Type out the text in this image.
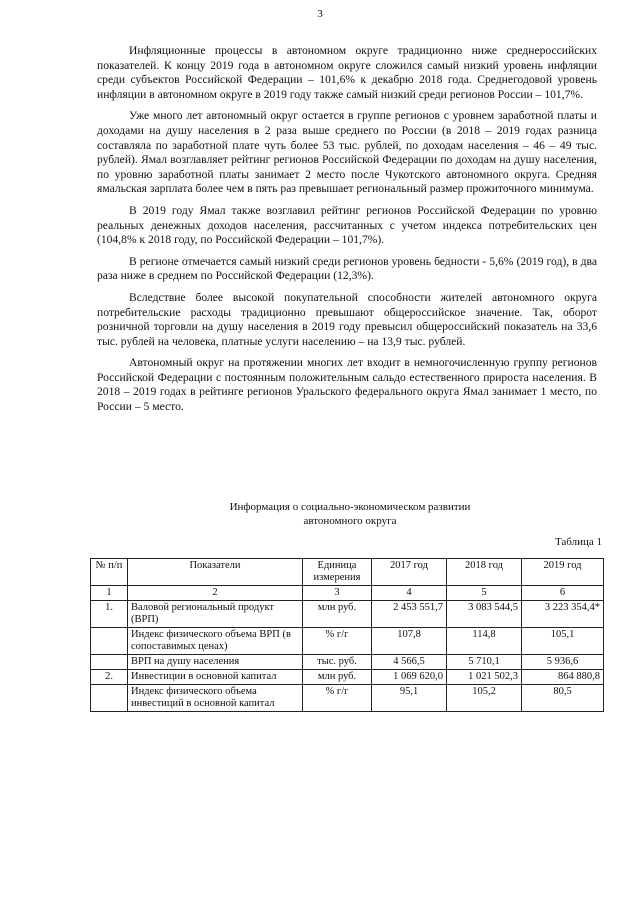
3

Инфляционные процессы в автономном округе традиционно ниже среднероссийских показателей. К концу 2019 года в автономном округе сложился самый низкий уровень инфляции среди субъектов Российской Федерации – 101,6% к декабрю 2018 года. Среднегодовой уровень инфляции в автономном округе в 2019 году также самый низкий среди регионов России – 101,7%.

Уже много лет автономный округ остается в группе регионов с уровнем заработной платы и доходами на душу населения в 2 раза выше среднего по России (в 2018 – 2019 годах разница составляла по заработной плате чуть более 53 тыс. рублей, по доходам населения – 46 – 49 тыс. рублей). Ямал возглавляет рейтинг регионов Российской Федерации по доходам на душу населения, по уровню заработной платы занимает 2 место после Чукотского автономного округа. Средняя ямальская зарплата более чем в пять раз превышает региональный размер прожиточного минимума.

В 2019 году Ямал также возглавил рейтинг регионов Российской Федерации по уровню реальных денежных доходов населения, рассчитанных с учетом индекса потребительских цен (104,8% к 2018 году, по Российской Федерации – 101,7%).

В регионе отмечается самый низкий среди регионов уровень бедности - 5,6% (2019 год), в два раза ниже в среднем по Российской Федерации (12,3%).

Вследствие более высокой покупательной способности жителей автономного округа потребительские расходы традиционно превышают общероссийское значение. Так, оборот розничной торговли на душу населения в 2019 году превысил общероссийский показатель на 33,6 тыс. рублей на человека, платные услуги населению – на 13,9 тыс. рублей.

Автономный округ на протяжении многих лет входит в немногочисленную группу регионов Российской Федерации с постоянным положительным сальдо естественного прироста населения. В 2018 – 2019 годах в рейтинге регионов Уральского федерального округа Ямал занимает 1 место, по России – 5 место.

Информация о социально-экономическом развитии
автономного округа
Таблица 1
№ п/п	Показатели	Единица измерения	2017 год	2018 год	2019 год
1	2	3	4	5	6
1.	Валовой региональный продукт (ВРП)	млн руб.	2 453 551,7	3 083 544,5	3 223 354,4*
	Индекс физического объема ВРП (в сопоставимых ценах)	% г/г	107,8	114,8	105,1
	ВРП на душу населения	тыс. руб.	4 566,5	5 710,1	5 936,6
2.	Инвестиции в основной капитал	млн руб.	1 069 620,0	1 021 502,3	864 880,8
	Индекс физического объема инвестиций в основной капитал	% г/г	95,1	105,2	80,5
